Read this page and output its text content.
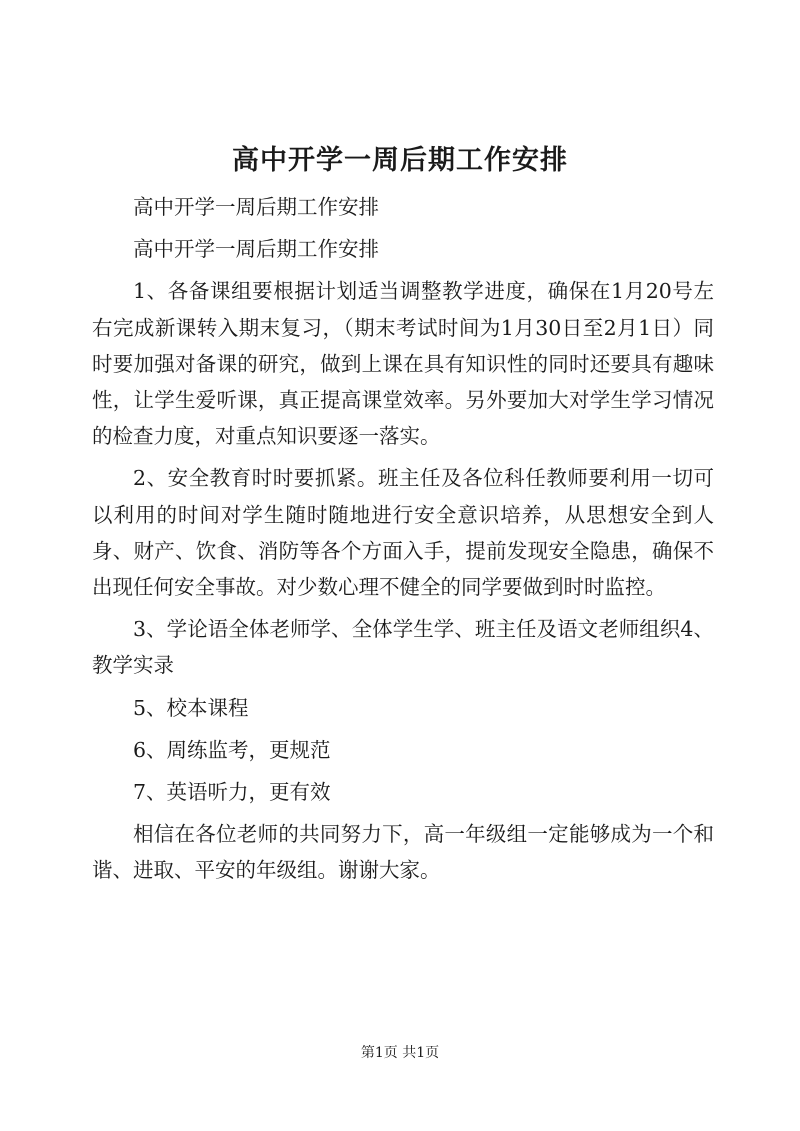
高中开学一周后期工作安排

高中开学一周后期工作安排

高中开学一周后期工作安排

1、各备课组要根据计划适当调整教学进度，确保在1月20号左右完成新课转入期末复习，（期末考试时间为1月30日至2月1日）同时要加强对备课的研究，做到上课在具有知识性的同时还要具有趣味性，让学生爱听课，真正提高课堂效率。另外要加大对学生学习情况的检查力度，对重点知识要逐一落实。

2、安全教育时时要抓紧。班主任及各位科任教师要利用一切可以利用的时间对学生随时随地进行安全意识培养，从思想安全到人身、财产、饮食、消防等各个方面入手，提前发现安全隐患，确保不出现任何安全事故。对少数心理不健全的同学要做到时时监控。

3、学论语全体老师学、全体学生学、班主任及语文老师组织4、教学实录

5、校本课程

6、周练监考，更规范

7、英语听力，更有效

相信在各位老师的共同努力下，高一年级组一定能够成为一个和谐、进取、平安的年级组。谢谢大家。

第1页 共1页
